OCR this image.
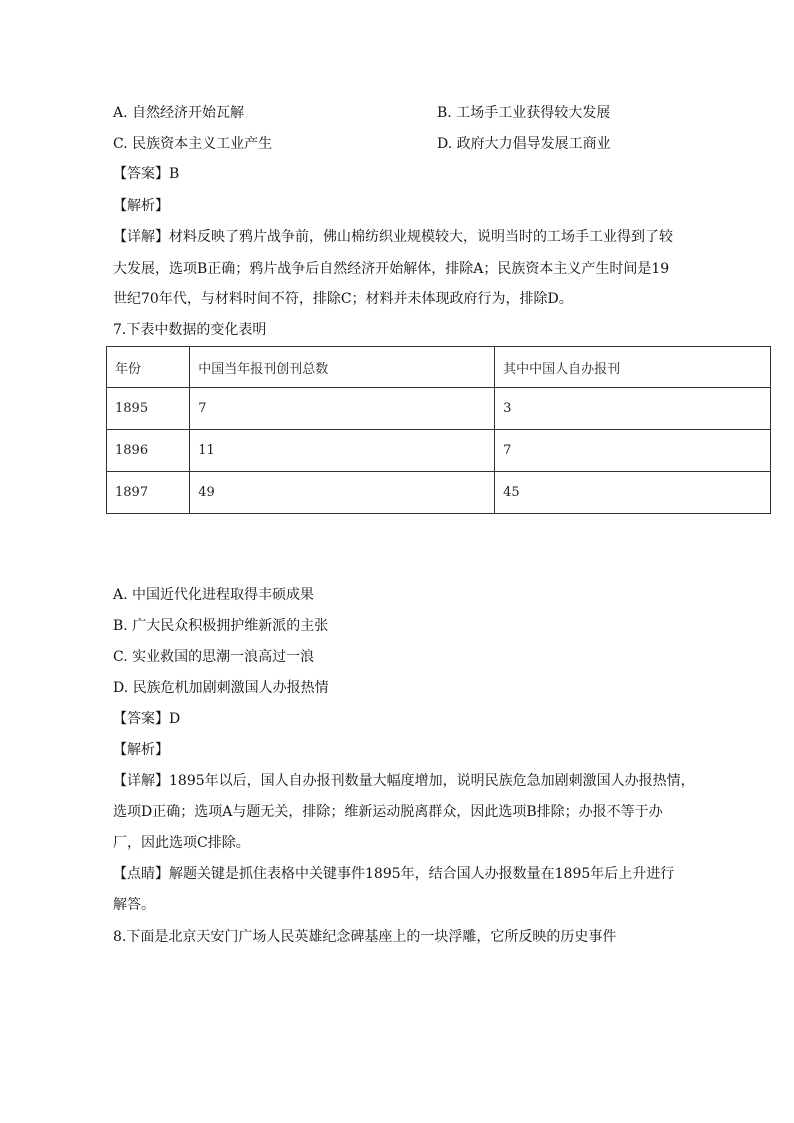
A. 自然经济开始瓦解	B. 工场手工业获得较大发展
C. 民族资本主义工业产生	D. 政府大力倡导发展工商业
【答案】B
【解析】
【详解】材料反映了鸦片战争前，佛山棉纺织业规模较大，说明当时的工场手工业得到了较
大发展，选项B正确；鸦片战争后自然经济开始解体，排除A；民族资本主义产生时间是19
世纪70年代，与材料时间不符，排除C；材料并未体现政府行为，排除D。
7.下表中数据的变化表明
年份	中国当年报刊创刊总数	其中中国人自办报刊
1895	7	3
1896	11	7
1897	49	45
A. 中国近代化进程取得丰硕成果
B. 广大民众积极拥护维新派的主张
C. 实业救国的思潮一浪高过一浪
D. 民族危机加剧刺激国人办报热情
【答案】D
【解析】
【详解】1895年以后，国人自办报刊数量大幅度增加，说明民族危急加剧刺激国人办报热情，
选项D正确；选项A与题无关，排除；维新运动脱离群众，因此选项B排除；办报不等于办
厂，因此选项C排除。
【点睛】解题关键是抓住表格中关键事件1895年，结合国人办报数量在1895年后上升进行
解答。
8.下面是北京天安门广场人民英雄纪念碑基座上的一块浮雕，它所反映的历史事件
